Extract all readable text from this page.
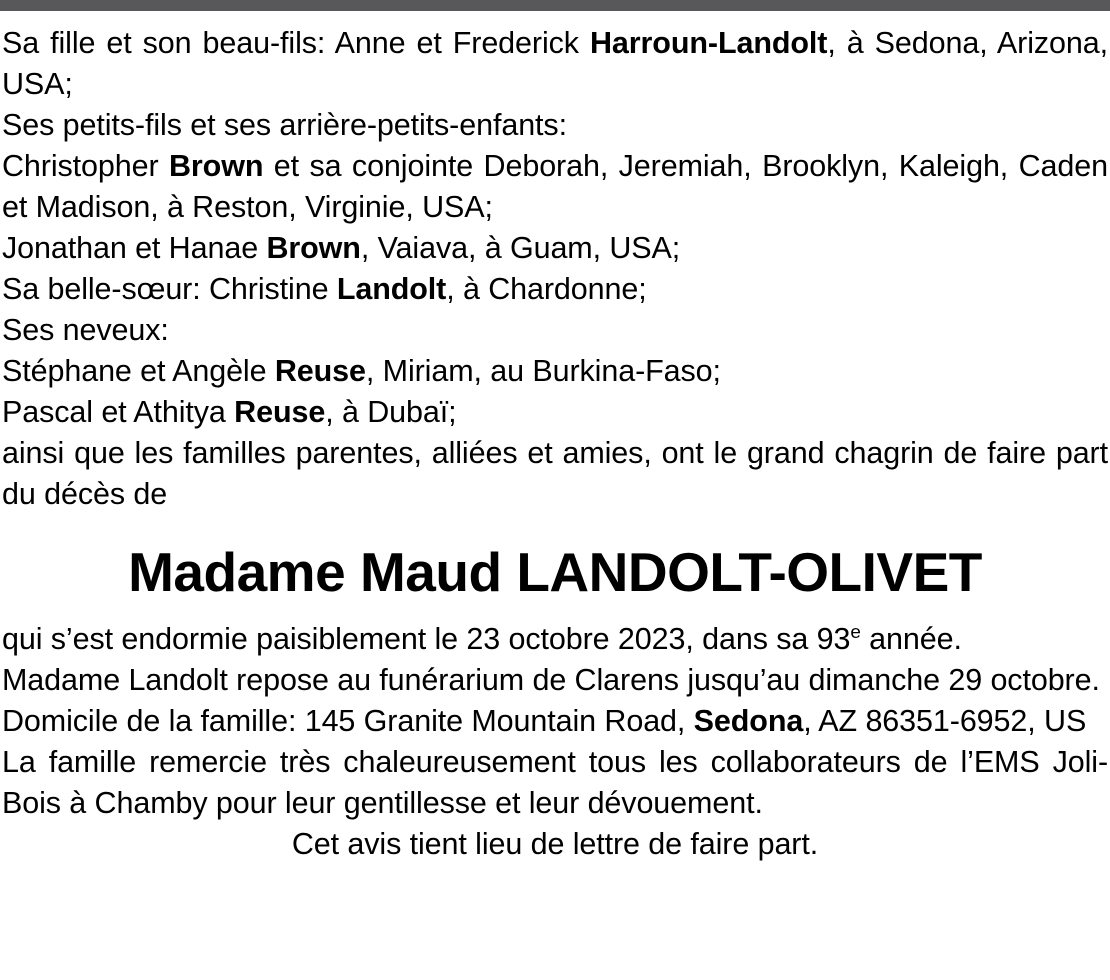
Sa fille et son beau-fils: Anne et Frederick Harroun-Landolt, à Sedona, Arizona, USA;

Ses petits-fils et ses arrière-petits-enfants:

Christopher Brown et sa conjointe Deborah, Jeremiah, Brooklyn, Kaleigh, Caden et Madison, à Reston, Virginie, USA;

Jonathan et Hanae Brown, Vaiava, à Guam, USA;

Sa belle-sœur: Christine Landolt, à Chardonne;

Ses neveux:

Stéphane et Angèle Reuse, Miriam, au Burkina-Faso;

Pascal et Athitya Reuse, à Dubaï;

ainsi que les familles parentes, alliées et amies, ont le grand chagrin de faire part du décès de

Madame Maud LANDOLT-OLIVET

qui s’est endormie paisiblement le 23 octobre 2023, dans sa 93e année.

Madame Landolt repose au funérarium de Clarens jusqu’au dimanche 29 octobre.

Domicile de la famille: 145 Granite Mountain Road, Sedona, AZ 86351-6952, US

La famille remercie très chaleureusement tous les collaborateurs de l’EMS Joli-Bois à Chamby pour leur gentillesse et leur dévouement.

Cet avis tient lieu de lettre de faire part.
